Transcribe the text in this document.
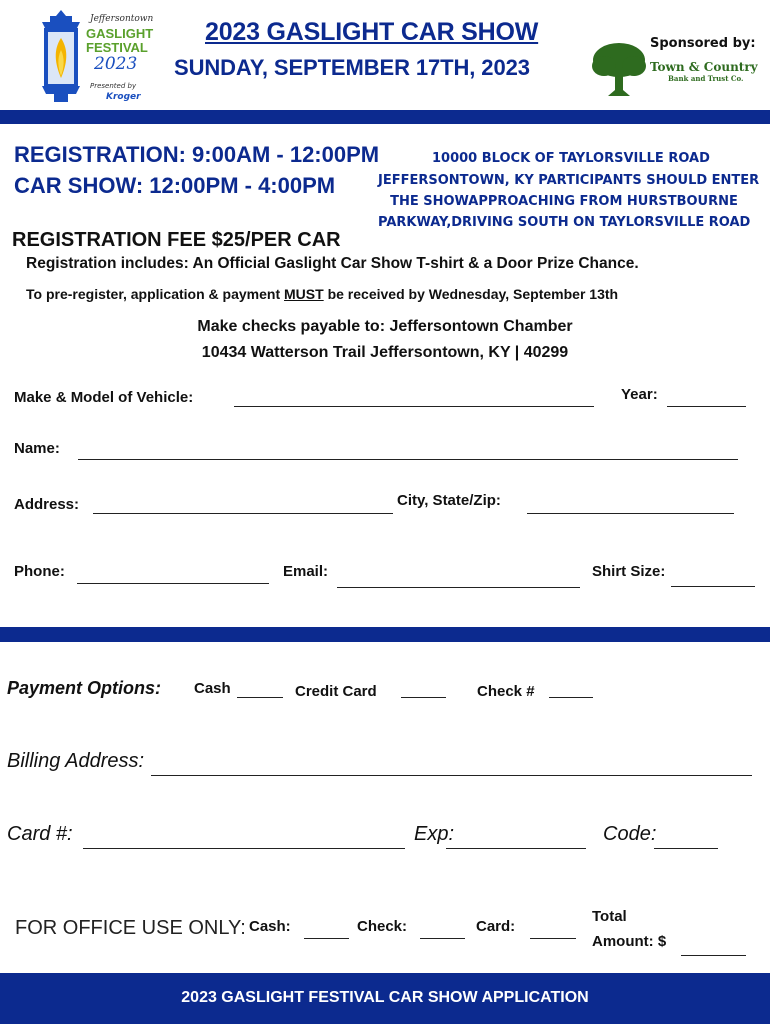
Jeffersontown
GASLIGHT
FESTIVAL
2023
Presented by
Kroger
2023 GASLIGHT CAR SHOW
SUNDAY, SEPTEMBER 17TH, 2023
Sponsored by:
Town & Country
Bank and Trust Co.
REGISTRATION: 9:00AM - 12:00PM
CAR SHOW: 12:00PM - 4:00PM
10000 BLOCK OF TAYLORSVILLE ROAD
JEFFERSONTOWN, KY PARTICIPANTS SHOULD ENTER
THE SHOWAPPROACHING FROM HURSTBOURNE
PARKWAY,DRIVING SOUTH ON TAYLORSVILLE ROAD
REGISTRATION FEE $25/PER CAR
Registration includes: An Official Gaslight Car Show T-shirt & a Door Prize Chance.
To pre-register, application & payment MUST be received by Wednesday, September 13th
Make checks payable to: Jeffersontown Chamber
10434 Watterson Trail Jeffersontown, KY | 40299
Make & Model of Vehicle:	Year:
Name:
Address:	City, State/Zip:
Phone:	Email:	Shirt Size:
Payment Options: Cash	Credit Card	Check #
Billing Address:
Card #:	Exp:	Code:
FOR OFFICE USE ONLY: Cash:	Check:	Card:
Total
Amount: $
2023 GASLIGHT FESTIVAL CAR SHOW APPLICATION
